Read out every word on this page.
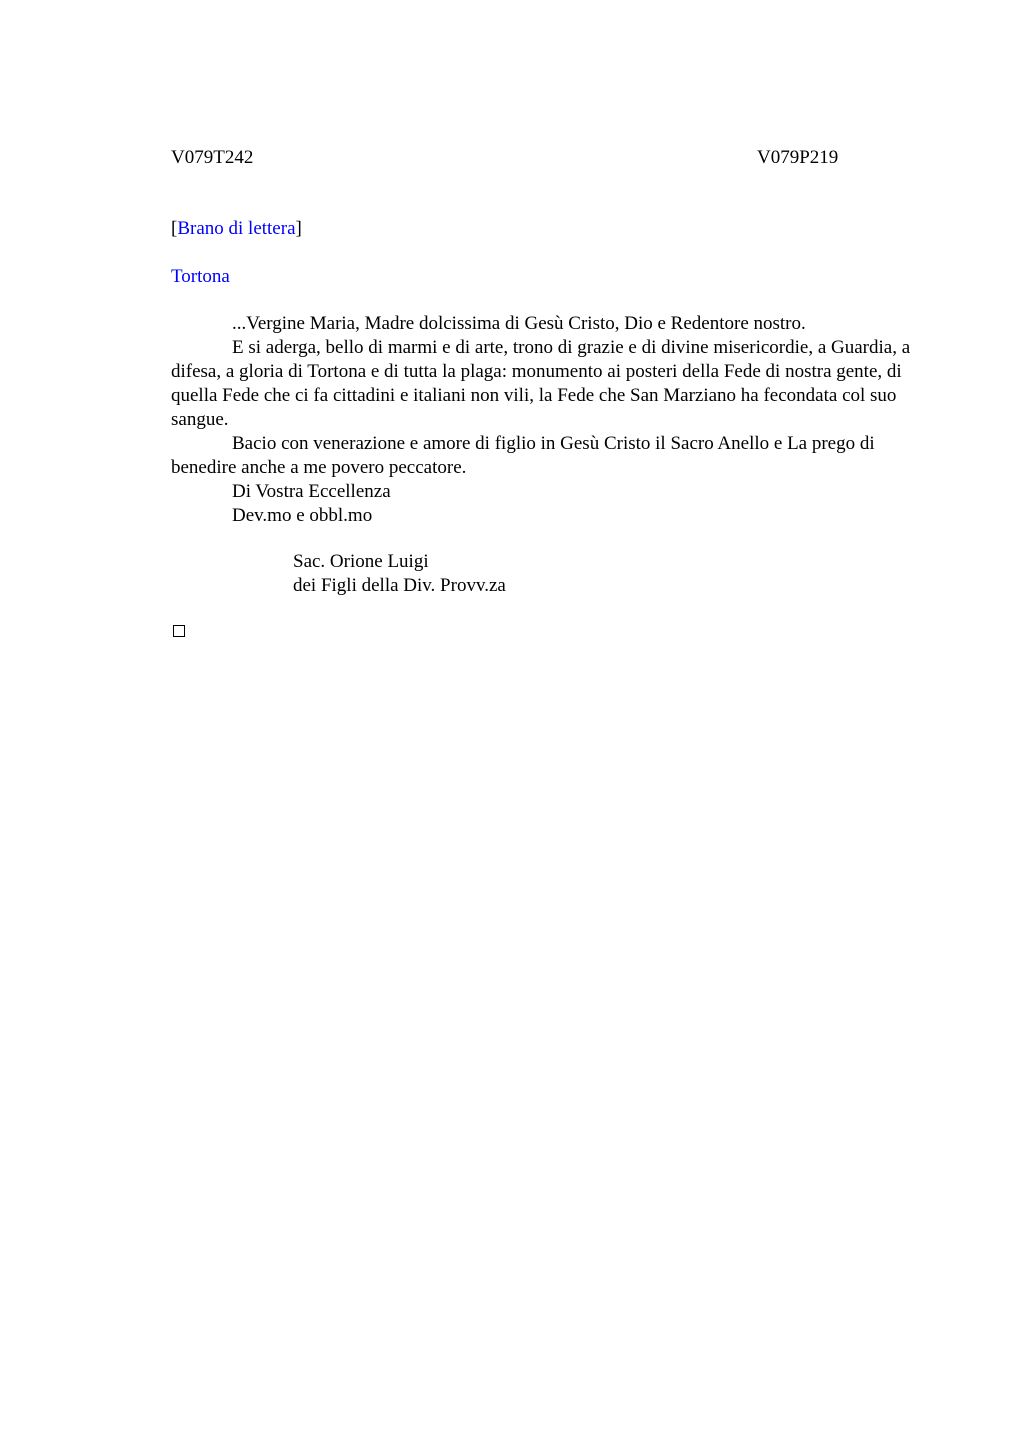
V079T242	V079P219
[Brano di lettera]
Tortona

...Vergine Maria, Madre dolcissima di Gesù Cristo, Dio e Redentore nostro.

E si aderga, bello di marmi e di arte, trono di grazie e di divine misericordie, a Guardia, a difesa, a gloria di Tortona e di tutta la plaga: monumento ai posteri della Fede di nostra gente, di quella Fede che ci fa cittadini e italiani non vili, la Fede che San Marziano ha fecondata col suo sangue.

Bacio con venerazione e amore di figlio in Gesù Cristo il Sacro Anello e La prego di benedire anche a me povero peccatore.

Di Vostra Eccellenza

Dev.mo e obbl.mo

Sac. Orione Luigi
dei Figli della Div. Provv.za
